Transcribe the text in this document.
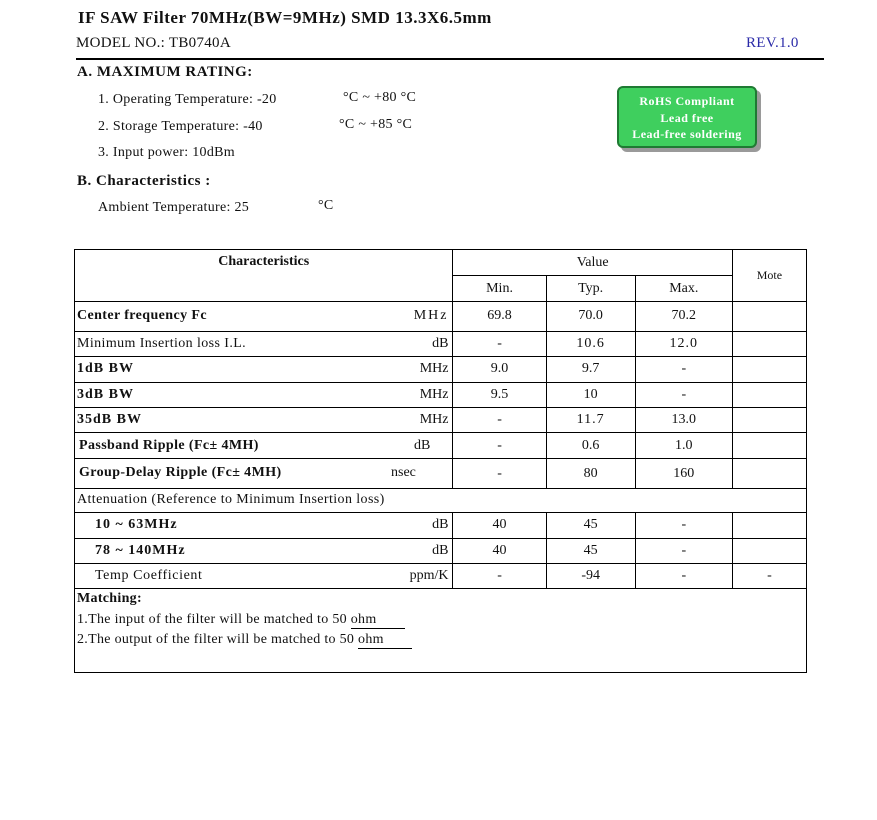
IF SAW Filter 70MHz(BW=9MHz) SMD 13.3X6.5mm
MODEL NO.: TB0740A	REV.1.0
A. MAXIMUM RATING:
1. Operating Temperature: -20	°C ~ +80 °C
2. Storage Temperature: -40	°C ~ +85 °C
3. Input power: 10dBm
B. Characteristics :
Ambient Temperature: 25	°C
RoHS Compliant
Lead free
Lead-free soldering
Characteristics		Value			Mote
		Min.	Typ.	Max.	
Center frequency Fc	MHz	69.8	70.0	70.2	
Minimum Insertion loss I.L.	dB	-	10.6	12.0	
1dB BW	MHz	9.0	9.7	-	
3dB BW	MHz	9.5	10	-	
35dB BW	MHz	-	11.7	13.0	

Passband Ripple (Fc± 4MH) dB		-	0.6	1.0	

Group-Delay Ripple (Fc± 4MH) nsec		-	80	160	
Attenuation (Reference to Minimum Insertion loss)					
10 ~ 63MHz	dB	40	45	-	
78 ~ 140MHz	dB	40	45	-	
Temp Coefficient	ppm/K	-	-94	-	-

Matching:
1.The input of the filter will be matched to 50 ohm
2.The output of the filter will be matched to 50 ohm					
